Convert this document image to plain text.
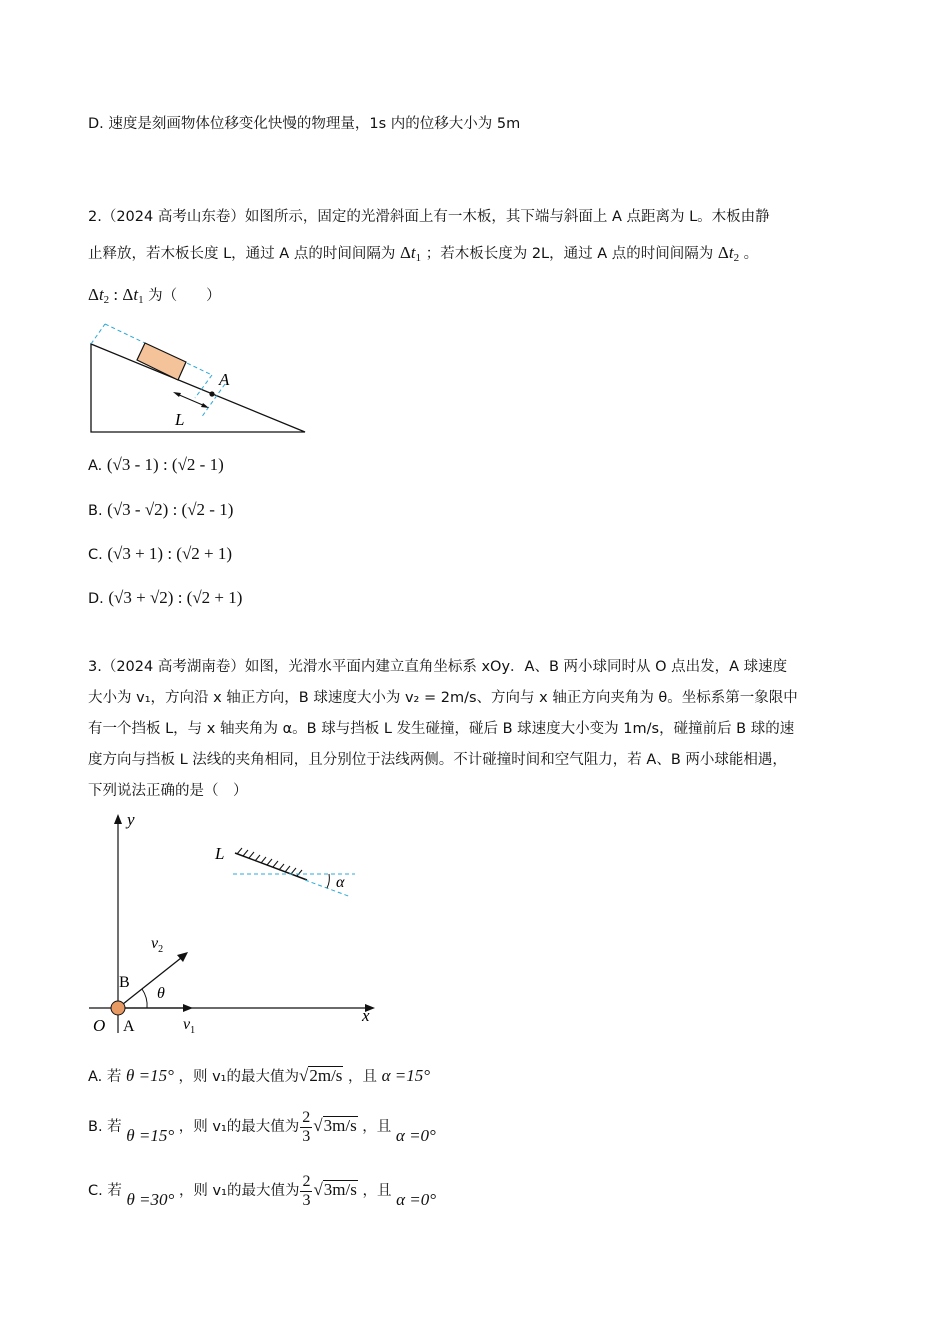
D. 速度是刻画物体位移变化快慢的物理量，1s 内的位移大小为 5m
2.（2024 高考山东卷）如图所示，固定的光滑斜面上有一木板，其下端与斜面上 A 点距离为 L。木板由静
止释放，若木板长度 L，通过 A 点的时间间隔为 $\Delta t_1$ ；若木板长度为 2L，通过 A 点的时间间隔为 $\Delta t_2$ 。
$\Delta t_2$ : $\Delta t_1$ 为（　　）
A
L
A. (√3 - 1) : (√2 - 1)
B. (√3 - √2) : (√2 - 1)
C. (√3 + 1) : (√2 + 1)
D. (√3 + √2) : (√2 + 1)
3.（2024 高考湖南卷）如图，光滑水平面内建立直角坐标系 xOy．A、B 两小球同时从 O 点出发，A 球速度
大小为 v₁，方向沿 x 轴正方向，B 球速度大小为 v₂ = 2m/s、方向与 x 轴正方向夹角为 θ。坐标系第一象限中
有一个挡板 L，与 x 轴夹角为 α。B 球与挡板 L 发生碰撞，碰后 B 球速度大小变为 1m/s，碰撞前后 B 球的速
度方向与挡板 L 法线的夹角相同，且分别位于法线两侧。不计碰撞时间和空气阻力，若 A、B 两小球能相遇，
下列说法正确的是（　）
y
x
$v_1$
$v_2$
θ
B
O A
L
α
A. 若 θ =15° ，则 v₁的最大值为√2m/s ，且 α =15°
B. 若 θ =15° ，则 v₁的最大值为 $\frac{2}{3} √3m/s$ ，且 α =0°
C. 若 θ =30° ，则 v₁的最大值为 $\frac{2}{3} √3m/s$ ，且 α =0°
